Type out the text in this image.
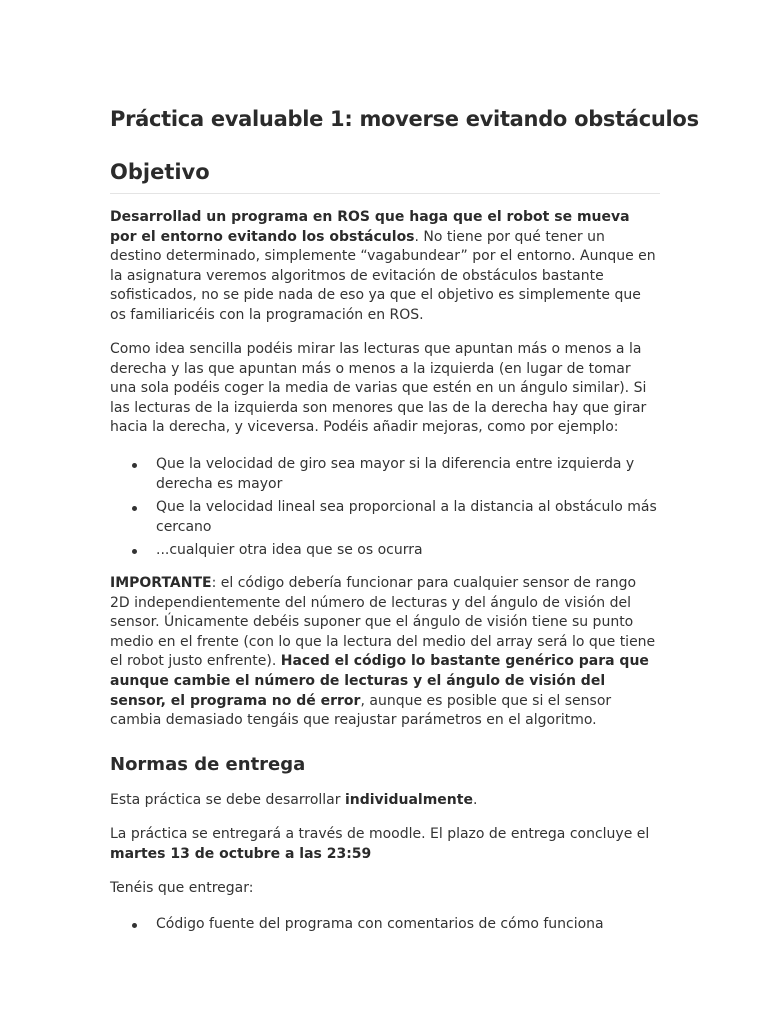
Práctica evaluable 1: moverse evitando obstáculos
Objetivo

Desarrollad un programa en ROS que haga que el robot se mueva por el entorno evitando los obstáculos. No tiene por qué tener un destino determinado, simplemente “vagabundear” por el entorno. Aunque en la asignatura veremos algoritmos de evitación de obstáculos bastante sofisticados, no se pide nada de eso ya que el objetivo es simplemente que os familiaricéis con la programación en ROS.

Como idea sencilla podéis mirar las lecturas que apuntan más o menos a la derecha y las que apuntan más o menos a la izquierda (en lugar de tomar una sola podéis coger la media de varias que estén en un ángulo similar). Si las lecturas de la izquierda son menores que las de la derecha hay que girar hacia la derecha, y viceversa. Podéis añadir mejoras, como por ejemplo:

Que la velocidad de giro sea mayor si la diferencia entre izquierda y derecha es mayor
Que la velocidad lineal sea proporcional a la distancia al obstáculo más cercano
...cualquier otra idea que se os ocurra

IMPORTANTE: el código debería funcionar para cualquier sensor de rango 2D independientemente del número de lecturas y del ángulo de visión del sensor. Únicamente debéis suponer que el ángulo de visión tiene su punto medio en el frente (con lo que la lectura del medio del array será lo que tiene el robot justo enfrente). Haced el código lo bastante genérico para que aunque cambie el número de lecturas y el ángulo de visión del sensor, el programa no dé error, aunque es posible que si el sensor cambia demasiado tengáis que reajustar parámetros en el algoritmo.

Normas de entrega

Esta práctica se debe desarrollar individualmente.

La práctica se entregará a través de moodle. El plazo de entrega concluye el martes 13 de octubre a las 23:59

Tenéis que entregar:

Código fuente del programa con comentarios de cómo funciona
